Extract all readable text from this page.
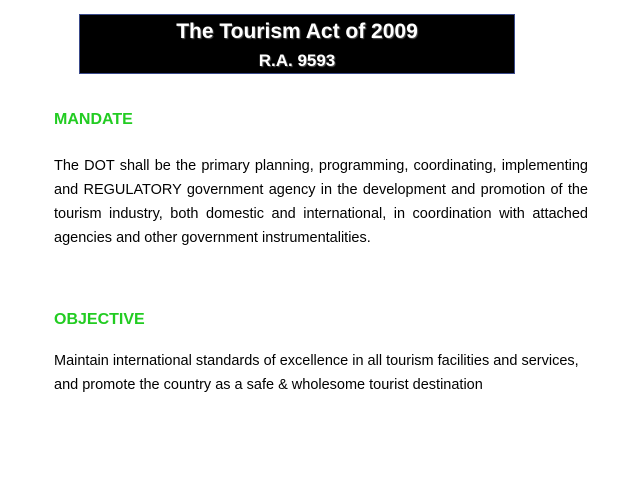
The Tourism Act of 2009
R.A. 9593
MANDATE
The DOT shall be the primary planning, programming, coordinating, implementing and REGULATORY government agency in the development and promotion of the tourism industry, both domestic and international, in coordination with attached agencies and other government instrumentalities.
OBJECTIVE
Maintain international standards of excellence in all tourism facilities and services, and promote the country as a safe & wholesome tourist destination
